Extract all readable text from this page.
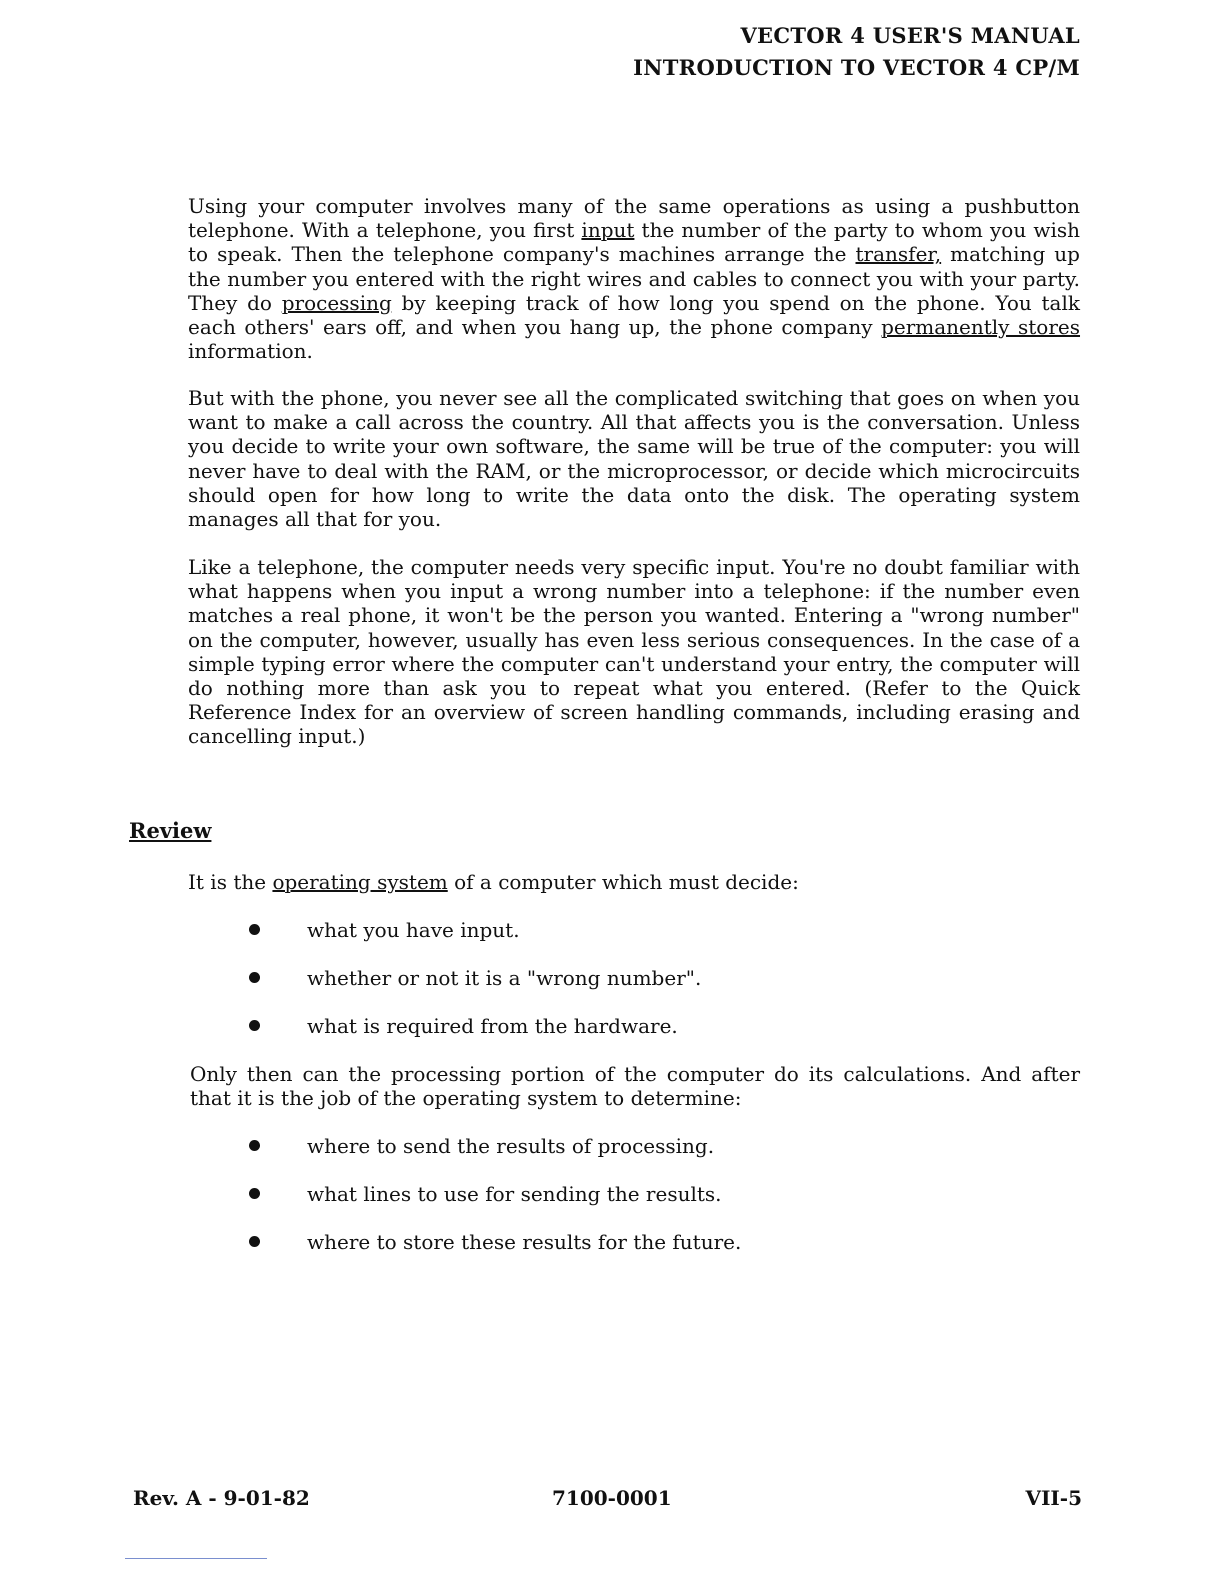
VECTOR 4 USER'S MANUAL
INTRODUCTION TO VECTOR 4 CP/M

Using your computer involves many of the same operations as using a pushbutton telephone. With a telephone, you first input the number of the party to whom you wish to speak. Then the telephone company's machines arrange the transfer, matching up the number you entered with the right wires and cables to connect you with your party. They do processing by keeping track of how long you spend on the phone. You talk each others' ears off, and when you hang up, the phone company permanently stores information.

But with the phone, you never see all the complicated switching that goes on when you want to make a call across the country. All that affects you is the conversation. Unless you decide to write your own software, the same will be true of the computer: you will never have to deal with the RAM, or the microprocessor, or decide which microcircuits should open for how long to write the data onto the disk. The operating system manages all that for you.

Like a telephone, the computer needs very specific input. You're no doubt familiar with what happens when you input a wrong number into a telephone: if the number even matches a real phone, it won't be the person you wanted. Entering a "wrong number" on the computer, however, usually has even less serious consequences. In the case of a simple typing error where the computer can't understand your entry, the computer will do nothing more than ask you to repeat what you entered. (Refer to the Quick Reference Index for an overview of screen handling commands, including erasing and cancelling input.)

Review

It is the operating system of a computer which must decide:

what you have input.
whether or not it is a "wrong number".
what is required from the hardware.

Only then can the processing portion of the computer do its calculations. And after that it is the job of the operating system to determine:

where to send the results of processing.
what lines to use for sending the results.
where to store these results for the future.
Rev. A - 9-01-82	7100-0001	VII-5
